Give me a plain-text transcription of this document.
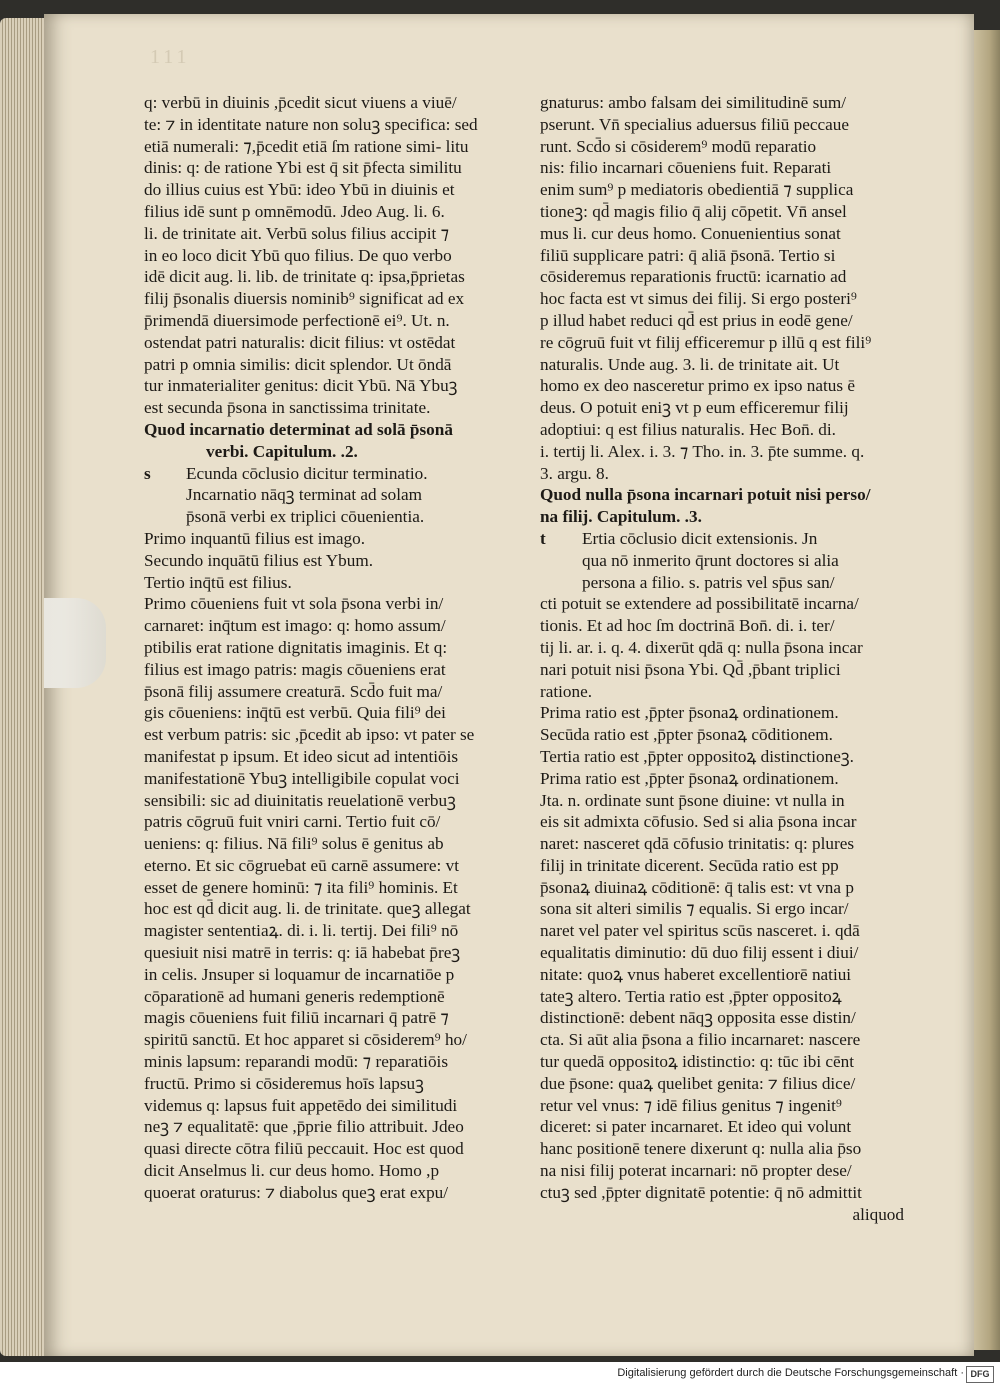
111
q: verbū in diuinis ,p̄cedit sicut viuens a viuē/
te: ⁊ in identitate nature non soluꝫ specifica: sed
etiā numerali: ⁊,p̄cedit etiā ſm ratione simi- litu
dinis: q: de ratione Ybi est q̄ sit p̄fecta similitu
do illius cuius est Ybū: ideo Ybū in diuinis et
filius idē sunt p omnēmodū. Jdeo Aug. li. 6.
li. de trinitate ait. Verbū solus filius accipit ⁊
in eo loco dicit Ybū quo filius. De quo verbo
idē dicit aug. li. lib. de trinitate q: ipsa,p̄prietas
filij p̄sonalis diuersis nominib⁹ significat ad ex
p̄rimendā diuersimode perfectionē ei⁹. Ut. n.
ostendat patri naturalis: dicit filius: vt ostēdat
patri p omnia similis: dicit splendor. Ut ōndā
tur inmaterialiter genitus: dicit Ybū. Nā Ybuꝫ
est secunda p̄sona in sanctissima trinitate.
Quod incarnatio determinat ad solā p̄sonā
verbi. Capitulum. .2.
s Ecunda cōclusio dicitur terminatio.
Jncarnatio nāqꝫ terminat ad solam
p̄sonā verbi ex triplici cōuenientia.
Primo inquantū filius est imago.
Secundo inquātū filius est Ybum.
Tertio inq̄tū est filius.
Primo cōueniens fuit vt sola p̄sona verbi in/
carnaret: inq̄tum est imago: q: homo assum/
ptibilis erat ratione dignitatis imaginis. Et q:
filius est imago patris: magis cōueniens erat
p̄sonā filij assumere creaturā. Scd̄o fuit ma/
gis cōueniens: inq̄tū est verbū. Quia fili⁹ dei
est verbum patris: sic ,p̄cedit ab ipso: vt pater se
manifestat p ipsum. Et ideo sicut ad intentiōis
manifestationē Ybuꝫ intelligibile copulat voci
sensibili: sic ad diuinitatis reuelationē verbuꝫ
patris cōgruū fuit vniri carni. Tertio fuit cō/
ueniens: q: filius. Nā fili⁹ solus ē genitus ab
eterno. Et sic cōgruebat eū carnē assumere: vt
esset de genere hominū: ⁊ ita fili⁹ hominis. Et
hoc est qd̄ dicit aug. li. de trinitate. queꝫ allegat
magister sententiaꝝ. di. i. li. tertij. Dei fili⁹ nō
quesiuit nisi matrē in terris: q: iā habebat p̄reꝫ
in celis. Jnsuper si loquamur de incarnatiōe p
cōparationē ad humani generis redemptionē
magis cōueniens fuit filiū incarnari q̄ patrē ⁊
spiritū sanctū. Et hoc apparet si cōsiderem⁹ ho/
minis lapsum: reparandi modū: ⁊ reparatiōis
fructū. Primo si cōsideremus hoīs lapsuꝫ
videmus q: lapsus fuit appetēdo dei similitudi
neꝫ ⁊ equalitatē: que ,p̄prie filio attribuit. Jdeo
quasi directe cōtra filiū peccauit. Hoc est quod
dicit Anselmus li. cur deus homo. Homo ,p
quoerat oraturus: ⁊ diabolus queꝫ erat expu/
gnaturus: ambo falsam dei similitudinē sum/
pserunt. Vn̄ specialius aduersus filiū peccaue
runt. Scd̄o si cōsiderem⁹ modū reparatio
nis: filio incarnari cōueniens fuit. Reparati
enim sum⁹ p mediatoris obedientiā ⁊ supplica
tioneꝫ: qd̄ magis filio q̄ alij cōpetit. Vn̄ ansel
mus li. cur deus homo. Conuenientius sonat
filiū supplicare patri: q̄ aliā p̄sonā. Tertio si
cōsideremus reparationis fructū: icarnatio ad
hoc facta est vt simus dei filij. Si ergo posteri⁹
p illud habet reduci qd̄ est prius in eodē gene/
re cōgruū fuit vt filij efficeremur p illū q est fili⁹
naturalis. Unde aug. 3. li. de trinitate ait. Ut
homo ex deo nasceretur primo ex ipso natus ē
deus. O potuit eniꝫ vt p eum efficeremur filij
adoptiui: q est filius naturalis. Hec Bon̄. di.
i. tertij li. Alex. i. 3. ⁊ Tho. in. 3. p̄te summe. q.
3. argu. 8.
Quod nulla p̄sona incarnari potuit nisi perso/
na filij. Capitulum. .3.
t Ertia cōclusio dicit extensionis. Jn
qua nō inmerito q̄runt doctores si alia
persona a filio. s. patris vel sp̄us san/
cti potuit se extendere ad possibilitatē incarna/
tionis. Et ad hoc ſm doctrinā Bon̄. di. i. ter/
tij li. ar. i. q. 4. dixerūt qdā q: nulla p̄sona incar
nari potuit nisi p̄sona Ybi. Qd̄ ,p̄bant triplici
ratione.
Prima ratio est ,p̄pter p̄sonaꝝ ordinationem.
Secūda ratio est ,p̄pter p̄sonaꝝ cōditionem.
Tertia ratio est ,p̄pter oppositoꝝ distinctioneꝫ.
Prima ratio est ,p̄pter p̄sonaꝝ ordinationem.
Jta. n. ordinate sunt p̄sone diuine: vt nulla in
eis sit admixta cōfusio. Sed si alia p̄sona incar
naret: nasceret qdā cōfusio trinitatis: q: plures
filij in trinitate dicerent. Secūda ratio est pp
p̄sonaꝝ diuinaꝝ cōditionē: q̄ talis est: vt vna p
sona sit alteri similis ⁊ equalis. Si ergo incar/
naret vel pater vel spiritus scūs nasceret. i. qdā
equalitatis diminutio: dū duo filij essent i diui/
nitate: quoꝝ vnus haberet excellentiorē natiui
tateꝫ altero. Tertia ratio est ,p̄pter oppositoꝝ
distinctionē: debent nāqꝫ opposita esse distin/
cta. Si aūt alia p̄sona a filio incarnaret: nascere
tur quedā oppositoꝝ idistinctio: q: tūc ibi cēnt
due p̄sone: quaꝝ quelibet genita: ⁊ filius dice/
retur vel vnus: ⁊ idē filius genitus ⁊ ingenit⁹
diceret: si pater incarnaret. Et ideo qui volunt
hanc positionē tenere dixerunt q: nulla alia p̄so
na nisi filij poterat incarnari: nō propter dese/
ctuꝫ sed ,p̄pter dignitatē potentie: q̄ nō admittit
aliquod
Digitalisierung gefördert durch die Deutsche Forschungsgemeinschaft · DFG
